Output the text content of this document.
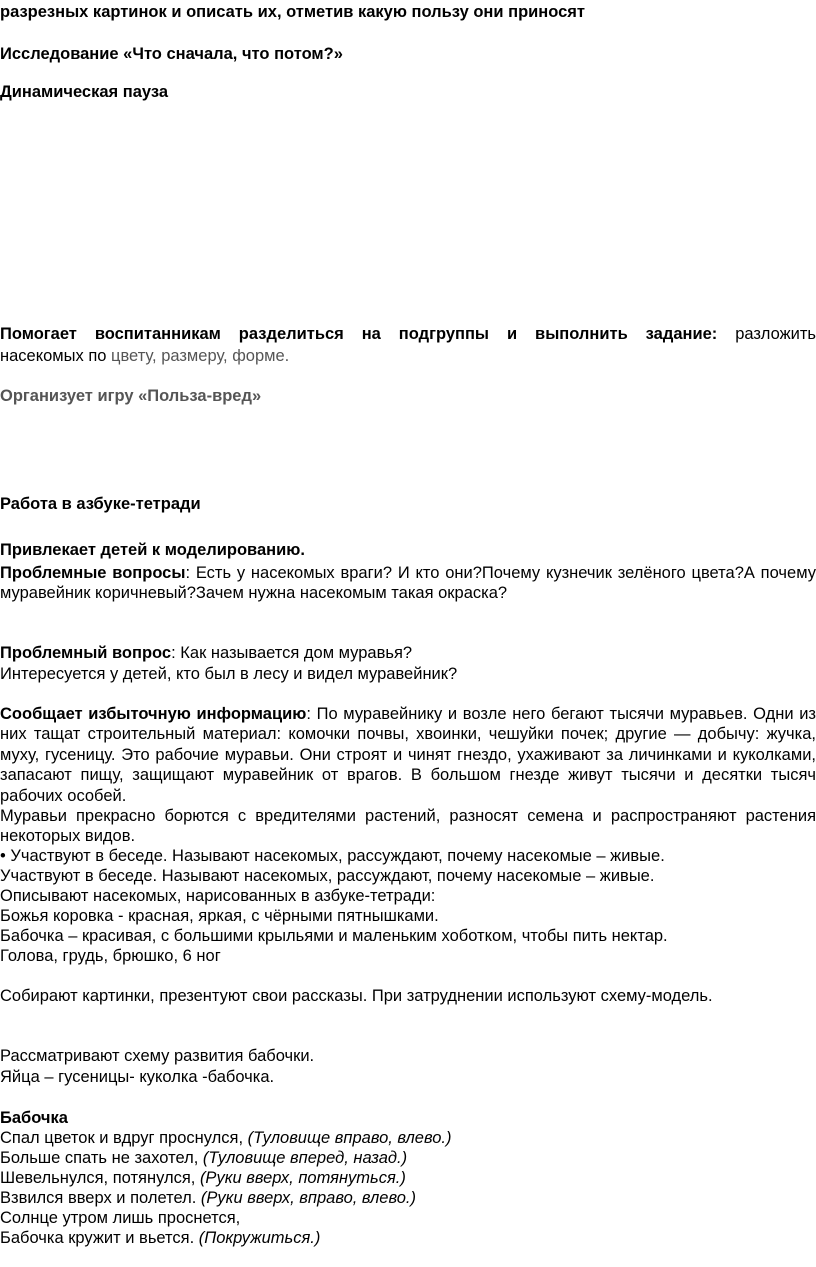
разрезных картинок и описать их, отметив какую пользу они приносят
Исследование «Что сначала, что потом?»
Динамическая пауза
Помогает воспитанникам разделиться на подгруппы и выполнить задание: разложить
насекомых по цвету, размеру, форме.
Организует игру «Польза-вред»
Работа в азбуке-тетради
Привлекает детей к моделированию.
Проблемные вопросы: Есть у насекомых враги? И кто они?Почему кузнечик зелёного цвета?А почему муравейник коричневый?Зачем нужна насекомым такая окраска?
Проблемный вопрос: Как называется дом муравья?
Интересуется у детей, кто был в лесу и видел муравейник?
Сообщает избыточную информацию: По муравейнику и возле него бегают тысячи муравьев. Одни из них тащат строительный материал: комочки почвы, хвоинки, чешуйки почек; другие — добычу: жучка, муху, гусеницу. Это рабочие муравьи. Они строят и чинят гнездо, ухаживают за личинками и куколками, запасают пищу, защищают муравейник от врагов. В большом гнезде живут тысячи и десятки тысяч рабочих особей.
Муравьи прекрасно борются с вредителями растений, разносят семена и распространяют растения некоторых видов.
• Участвуют в беседе. Называют насекомых, рассуждают, почему насекомые – живые.
Участвуют в беседе. Называют насекомых, рассуждают, почему насекомые – живые.
Описывают насекомых, нарисованных в азбуке-тетради:
Божья коровка - красная, яркая, с чёрными пятнышками.
Бабочка – красивая, с большими крыльями и маленьким хоботком, чтобы пить нектар.
Голова, грудь, брюшко, 6 ног
Собирают картинки, презентуют свои рассказы. При затруднении используют схему-модель.
Рассматривают схему развития бабочки.
Яйца – гусеницы- куколка -бабочка.
Бабочка
Спал цветок и вдруг проснулся, (Туловище вправо, влево.)
Больше спать не захотел, (Туловище вперед, назад.)
Шевельнулся, потянулся, (Руки вверх, потянуться.)
Взвился вверх и полетел. (Руки вверх, вправо, влево.)
Солнце утром лишь проснется,
Бабочка кружит и вьется. (Покружиться.)
